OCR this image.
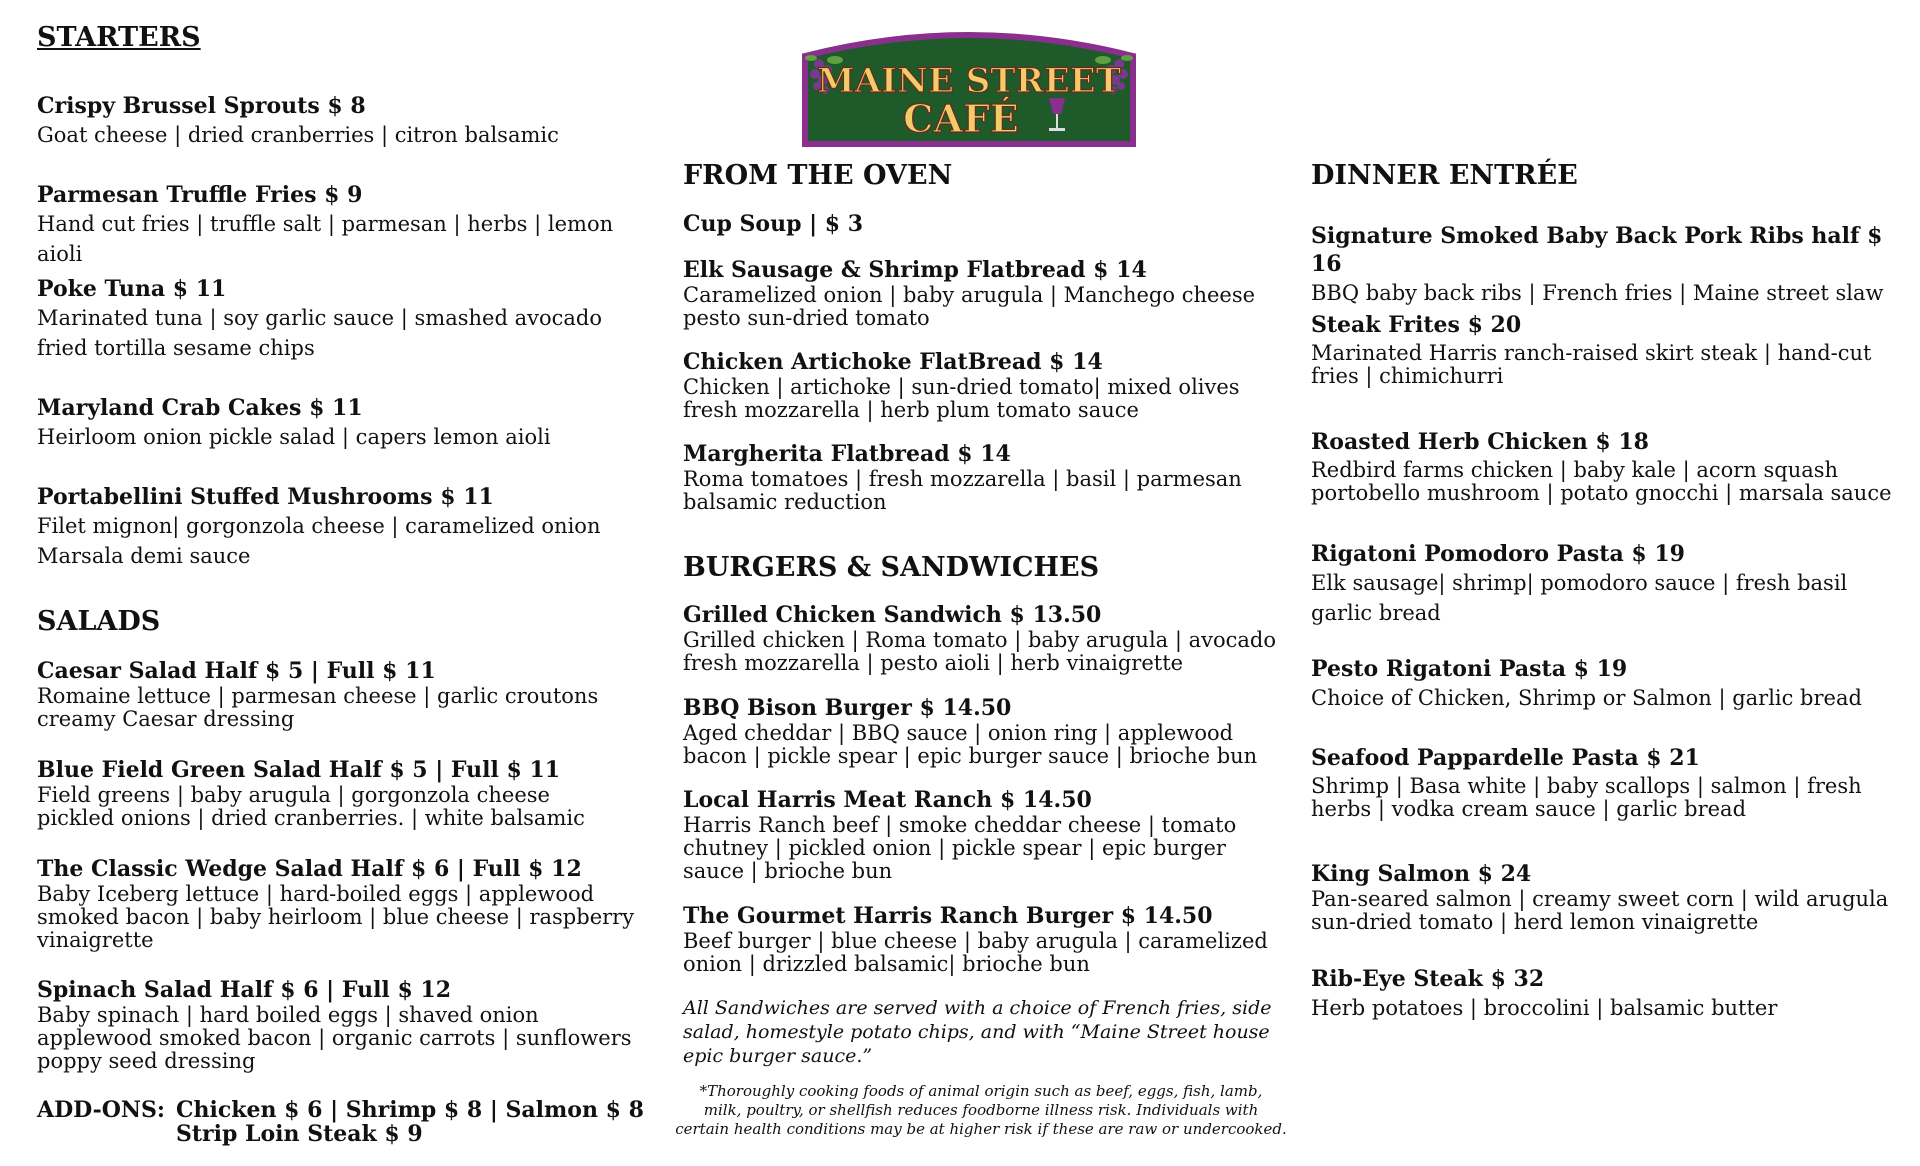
MAINE STREET
CAFÉ
STARTERS
Crispy Brussel Sprouts $ 8
Goat cheese | dried cranberries | citron balsamic
Parmesan Truffle Fries $ 9
Hand cut fries | truffle salt | parmesan | herbs | lemon aioli
Poke Tuna $ 11
Marinated tuna | soy garlic sauce | smashed avocado
fried tortilla sesame chips
Maryland Crab Cakes $ 11
Heirloom onion pickle salad | capers lemon aioli
Portabellini Stuffed Mushrooms $ 11
Filet mignon| gorgonzola cheese | caramelized onion
Marsala demi sauce
SALADS
Caesar Salad Half $ 5 | Full $ 11
Romaine lettuce | parmesan cheese | garlic croutons
creamy Caesar dressing
Blue Field Green Salad Half $ 5 | Full $ 11
Field greens | baby arugula | gorgonzola cheese
pickled onions | dried cranberries. | white balsamic
The Classic Wedge Salad Half $ 6 | Full $ 12
Baby Iceberg lettuce | hard-boiled eggs | applewood
smoked bacon | baby heirloom | blue cheese | raspberry
vinaigrette
Spinach Salad Half $ 6 | Full $ 12
Baby spinach | hard boiled eggs | shaved onion
applewood smoked bacon | organic carrots | sunflowers
poppy seed dressing
ADD-ONS: Chicken $ 6 | Shrimp $ 8 | Salmon $ 8
Strip Loin Steak $ 9
FROM THE OVEN
Cup Soup | $ 3
Elk Sausage & Shrimp Flatbread $ 14
Caramelized onion | baby arugula | Manchego cheese
pesto sun-dried tomato
Chicken Artichoke FlatBread $ 14
Chicken | artichoke | sun-dried tomato| mixed olives
fresh mozzarella | herb plum tomato sauce
Margherita Flatbread $ 14
Roma tomatoes | fresh mozzarella | basil | parmesan
balsamic reduction
BURGERS & SANDWICHES
Grilled Chicken Sandwich $ 13.50
Grilled chicken | Roma tomato | baby arugula | avocado
fresh mozzarella | pesto aioli | herb vinaigrette
BBQ Bison Burger $ 14.50
Aged cheddar | BBQ sauce | onion ring | applewood
bacon | pickle spear | epic burger sauce | brioche bun
Local Harris Meat Ranch $ 14.50
Harris Ranch beef | smoke cheddar cheese | tomato
chutney | pickled onion | pickle spear | epic burger
sauce | brioche bun
The Gourmet Harris Ranch Burger $ 14.50
Beef burger | blue cheese | baby arugula | caramelized
onion | drizzled balsamic| brioche bun
All Sandwiches are served with a choice of French fries, side
salad, homestyle potato chips, and with “Maine Street house
epic burger sauce.”
*Thoroughly cooking foods of animal origin such as beef, eggs, fish, lamb,
milk, poultry, or shellfish reduces foodborne illness risk. Individuals with
certain health conditions may be at higher risk if these are raw or undercooked.
DINNER ENTRÉE
Signature Smoked Baby Back Pork Ribs half $ 16
BBQ baby back ribs | French fries | Maine street slaw
Steak Frites $ 20
Marinated Harris ranch-raised skirt steak | hand-cut
fries | chimichurri
Roasted Herb Chicken $ 18
Redbird farms chicken | baby kale | acorn squash
portobello mushroom | potato gnocchi | marsala sauce
Rigatoni Pomodoro Pasta $ 19
Elk sausage| shrimp| pomodoro sauce | fresh basil
garlic bread
Pesto Rigatoni Pasta $ 19
Choice of Chicken, Shrimp or Salmon | garlic bread
Seafood Pappardelle Pasta $ 21
Shrimp | Basa white | baby scallops | salmon | fresh
herbs | vodka cream sauce | garlic bread
King Salmon $ 24
Pan-seared salmon | creamy sweet corn | wild arugula
sun-dried tomato | herd lemon vinaigrette
Rib-Eye Steak $ 32
Herb potatoes | broccolini | balsamic butter
